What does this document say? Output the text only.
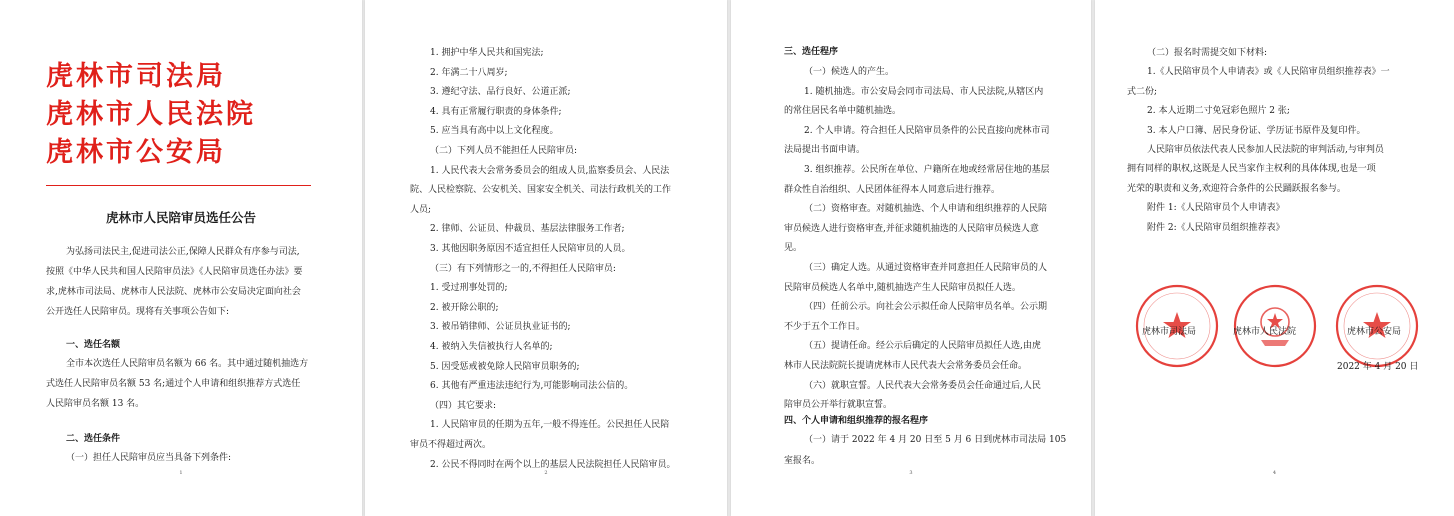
虎林市司法局
虎林市人民法院
虎林市公安局
虎林市人民陪审员选任公告
为弘扬司法民主,促进司法公正,保障人民群众有序参与司法,
按照《中华人民共和国人民陪审员法》《人民陪审员选任办法》要
求,虎林市司法局、虎林市人民法院、虎林市公安局决定面向社会
公开选任人民陪审员。现将有关事项公告如下:
一、选任名额
全市本次选任人民陪审员名额为 66 名。其中通过随机抽选方
式选任人民陪审员名额 53 名;通过个人申请和组织推荐方式选任
人民陪审员名额 13 名。
二、选任条件
（一）担任人民陪审员应当具备下列条件:
1
1. 拥护中华人民共和国宪法;
2. 年满二十八周岁;
3. 遵纪守法、品行良好、公道正派;
4. 具有正常履行职责的身体条件;
5. 应当具有高中以上文化程度。
（二）下列人员不能担任人民陪审员:
1. 人民代表大会常务委员会的组成人员,监察委员会、人民法
院、人民检察院、公安机关、国家安全机关、司法行政机关的工作
人员;
2. 律师、公证员、仲裁员、基层法律服务工作者;
3. 其他因职务原因不适宜担任人民陪审员的人员。
（三）有下列情形之一的,不得担任人民陪审员:
1. 受过刑事处罚的;
2. 被开除公职的;
3. 被吊销律师、公证员执业证书的;
4. 被纳入失信被执行人名单的;
5. 因受惩戒被免除人民陪审员职务的;
6. 其他有严重违法违纪行为,可能影响司法公信的。
（四）其它要求:
1. 人民陪审员的任期为五年,一般不得连任。公民担任人民陪
审员不得超过两次。
2. 公民不得同时在两个以上的基层人民法院担任人民陪审员。
2
三、选任程序
（一）候选人的产生。
1. 随机抽选。市公安局会同市司法局、市人民法院,从辖区内
的常住居民名单中随机抽选。
2. 个人申请。符合担任人民陪审员条件的公民直接向虎林市司
法局提出书面申请。
3. 组织推荐。公民所在单位、户籍所在地或经常居住地的基层
群众性自治组织、人民团体征得本人同意后进行推荐。
（二）资格审查。对随机抽选、个人申请和组织推荐的人民陪
审员候选人进行资格审查,并征求随机抽选的人民陪审员候选人意
见。
（三）确定人选。从通过资格审查并同意担任人民陪审员的人
民陪审员候选人名单中,随机抽选产生人民陪审员拟任人选。
（四）任前公示。向社会公示拟任命人民陪审员名单。公示期
不少于五个工作日。
（五）提请任命。经公示后确定的人民陪审员拟任人选,由虎
林市人民法院院长提请虎林市人民代表大会常务委员会任命。
（六）就职宣誓。人民代表大会常务委员会任命通过后,人民
陪审员公开举行就职宣誓。
四、个人申请和组织推荐的报名程序
（一）请于 2022 年 4 月 20 日至 5 月 6 日到虎林市司法局 105
室报名。
3
（二）报名时需提交如下材料:
1.《人民陪审员个人申请表》或《人民陪审员组织推荐表》一
式二份;
2. 本人近期二寸免冠彩色照片 2 张;
3. 本人户口簿、居民身份证、学历证书原件及复印件。
人民陪审员依法代表人民参加人民法院的审判活动,与审判员
拥有同样的职权,这既是人民当家作主权利的具体体现,也是一项
光荣的职责和义务,欢迎符合条件的公民踊跃报名参与。
附件 1:《人民陪审员个人申请表》
附件 2:《人民陪审员组织推荐表》
虎林市司法局	虎林市人民法院	虎林市公安局
2022 年 4 月 20 日
4
